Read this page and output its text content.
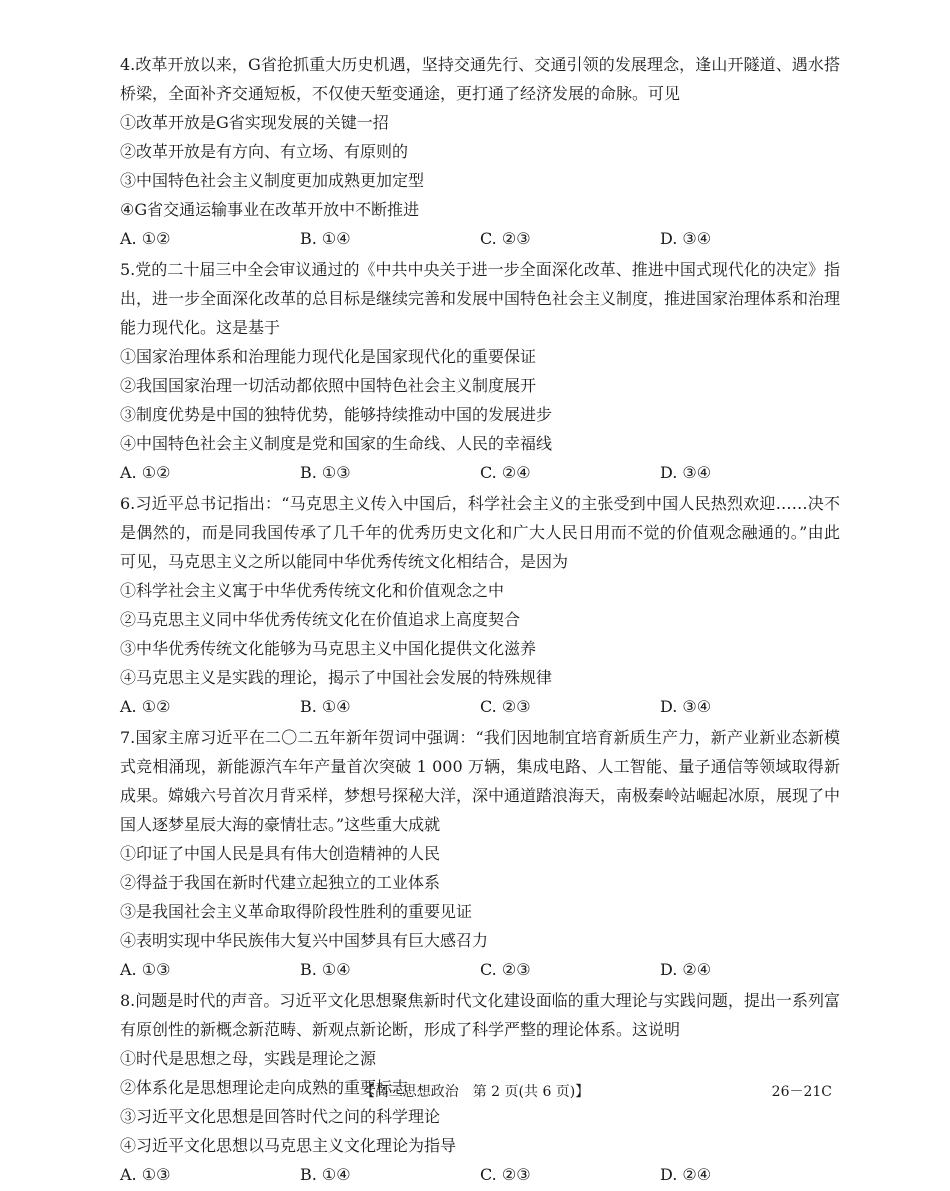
4.改革开放以来，G省抢抓重大历史机遇，坚持交通先行、交通引领的发展理念，逢山开隧道、遇水搭桥梁，全面补齐交通短板，不仅使天堑变通途，更打通了经济发展的命脉。可见
①改革开放是G省实现发展的关键一招
②改革开放是有方向、有立场、有原则的
③中国特色社会主义制度更加成熟更加定型
④G省交通运输事业在改革开放中不断推进
A. ①②	B. ①④	C. ②③	D. ③④
5.党的二十届三中全会审议通过的《中共中央关于进一步全面深化改革、推进中国式现代化的决定》指出，进一步全面深化改革的总目标是继续完善和发展中国特色社会主义制度，推进国家治理体系和治理能力现代化。这是基于
①国家治理体系和治理能力现代化是国家现代化的重要保证
②我国国家治理一切活动都依照中国特色社会主义制度展开
③制度优势是中国的独特优势，能够持续推动中国的发展进步
④中国特色社会主义制度是党和国家的生命线、人民的幸福线
A. ①②	B. ①③	C. ②④	D. ③④
6.习近平总书记指出：“马克思主义传入中国后，科学社会主义的主张受到中国人民热烈欢迎……决不是偶然的，而是同我国传承了几千年的优秀历史文化和广大人民日用而不觉的价值观念融通的。”由此可见，马克思主义之所以能同中华优秀传统文化相结合，是因为
①科学社会主义寓于中华优秀传统文化和价值观念之中
②马克思主义同中华优秀传统文化在价值追求上高度契合
③中华优秀传统文化能够为马克思主义中国化提供文化滋养
④马克思主义是实践的理论，揭示了中国社会发展的特殊规律
A. ①②	B. ①④	C. ②③	D. ③④
7.国家主席习近平在二〇二五年新年贺词中强调：“我们因地制宜培育新质生产力，新产业新业态新模式竞相涌现，新能源汽车年产量首次突破 1 000 万辆，集成电路、人工智能、量子通信等领域取得新成果。嫦娥六号首次月背采样，梦想号探秘大洋，深中通道踏浪海天，南极秦岭站崛起冰原，展现了中国人逐梦星辰大海的豪情壮志。”这些重大成就
①印证了中国人民是具有伟大创造精神的人民
②得益于我国在新时代建立起独立的工业体系
③是我国社会主义革命取得阶段性胜利的重要见证
④表明实现中华民族伟大复兴中国梦具有巨大感召力
A. ①③	B. ①④	C. ②③	D. ②④
8.问题是时代的声音。习近平文化思想聚焦新时代文化建设面临的重大理论与实践问题，提出一系列富有原创性的新概念新范畴、新观点新论断，形成了科学严整的理论体系。这说明
①时代是思想之母，实践是理论之源
②体系化是思想理论走向成熟的重要标志
③习近平文化思想是回答时代之问的科学理论
④习近平文化思想以马克思主义文化理论为指导
A. ①③	B. ①④	C. ②③	D. ②④
【高三思想政治　第 2 页(共 6 页)】	26－21C
